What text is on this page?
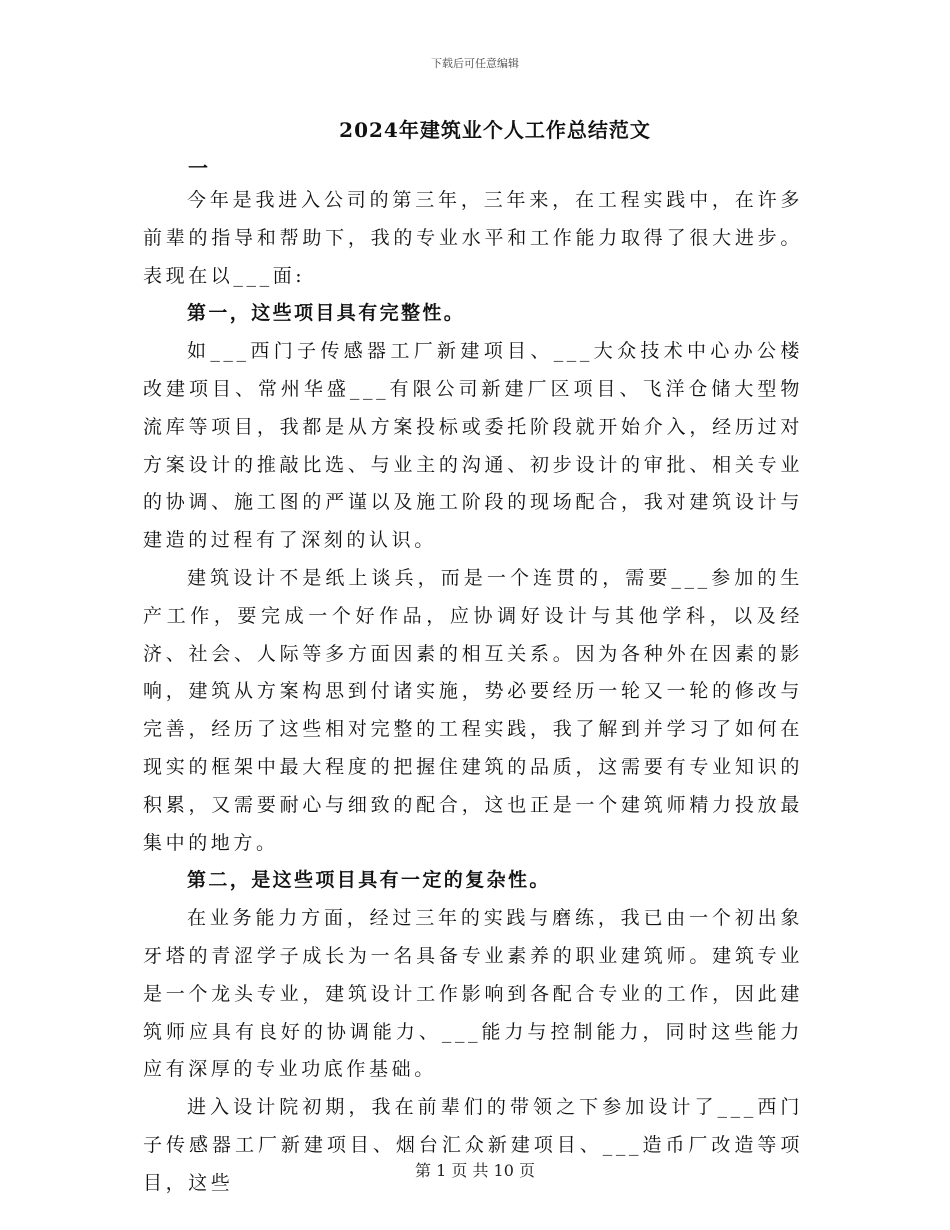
下载后可任意编辑
2024年建筑业个人工作总结范文
一

今年是我进入公司的第三年，三年来，在工程实践中，在许多前辈的指导和帮助下，我的专业水平和工作能力取得了很大进步。表现在以___面:

第一，这些项目具有完整性。

如___西门子传感器工厂新建项目、___大众技术中心办公楼改建项目、常州华盛___有限公司新建厂区项目、飞洋仓储大型物流库等项目，我都是从方案投标或委托阶段就开始介入，经历过对方案设计的推敲比选、与业主的沟通、初步设计的审批、相关专业的协调、施工图的严谨以及施工阶段的现场配合，我对建筑设计与建造的过程有了深刻的认识。

建筑设计不是纸上谈兵，而是一个连贯的，需要___参加的生产工作，要完成一个好作品，应协调好设计与其他学科，以及经济、社会、人际等多方面因素的相互关系。因为各种外在因素的影响，建筑从方案构思到付诸实施，势必要经历一轮又一轮的修改与完善，经历了这些相对完整的工程实践，我了解到并学习了如何在现实的框架中最大程度的把握住建筑的品质，这需要有专业知识的积累，又需要耐心与细致的配合，这也正是一个建筑师精力投放最集中的地方。

第二，是这些项目具有一定的复杂性。

在业务能力方面，经过三年的实践与磨练，我已由一个初出象牙塔的青涩学子成长为一名具备专业素养的职业建筑师。建筑专业是一个龙头专业，建筑设计工作影响到各配合专业的工作，因此建筑师应具有良好的协调能力、___能力与控制能力，同时这些能力应有深厚的专业功底作基础。

进入设计院初期，我在前辈们的带领之下参加设计了___西门子传感器工厂新建项目、烟台汇众新建项目、___造币厂改造等项目，这些

第 1 页 共 10 页
